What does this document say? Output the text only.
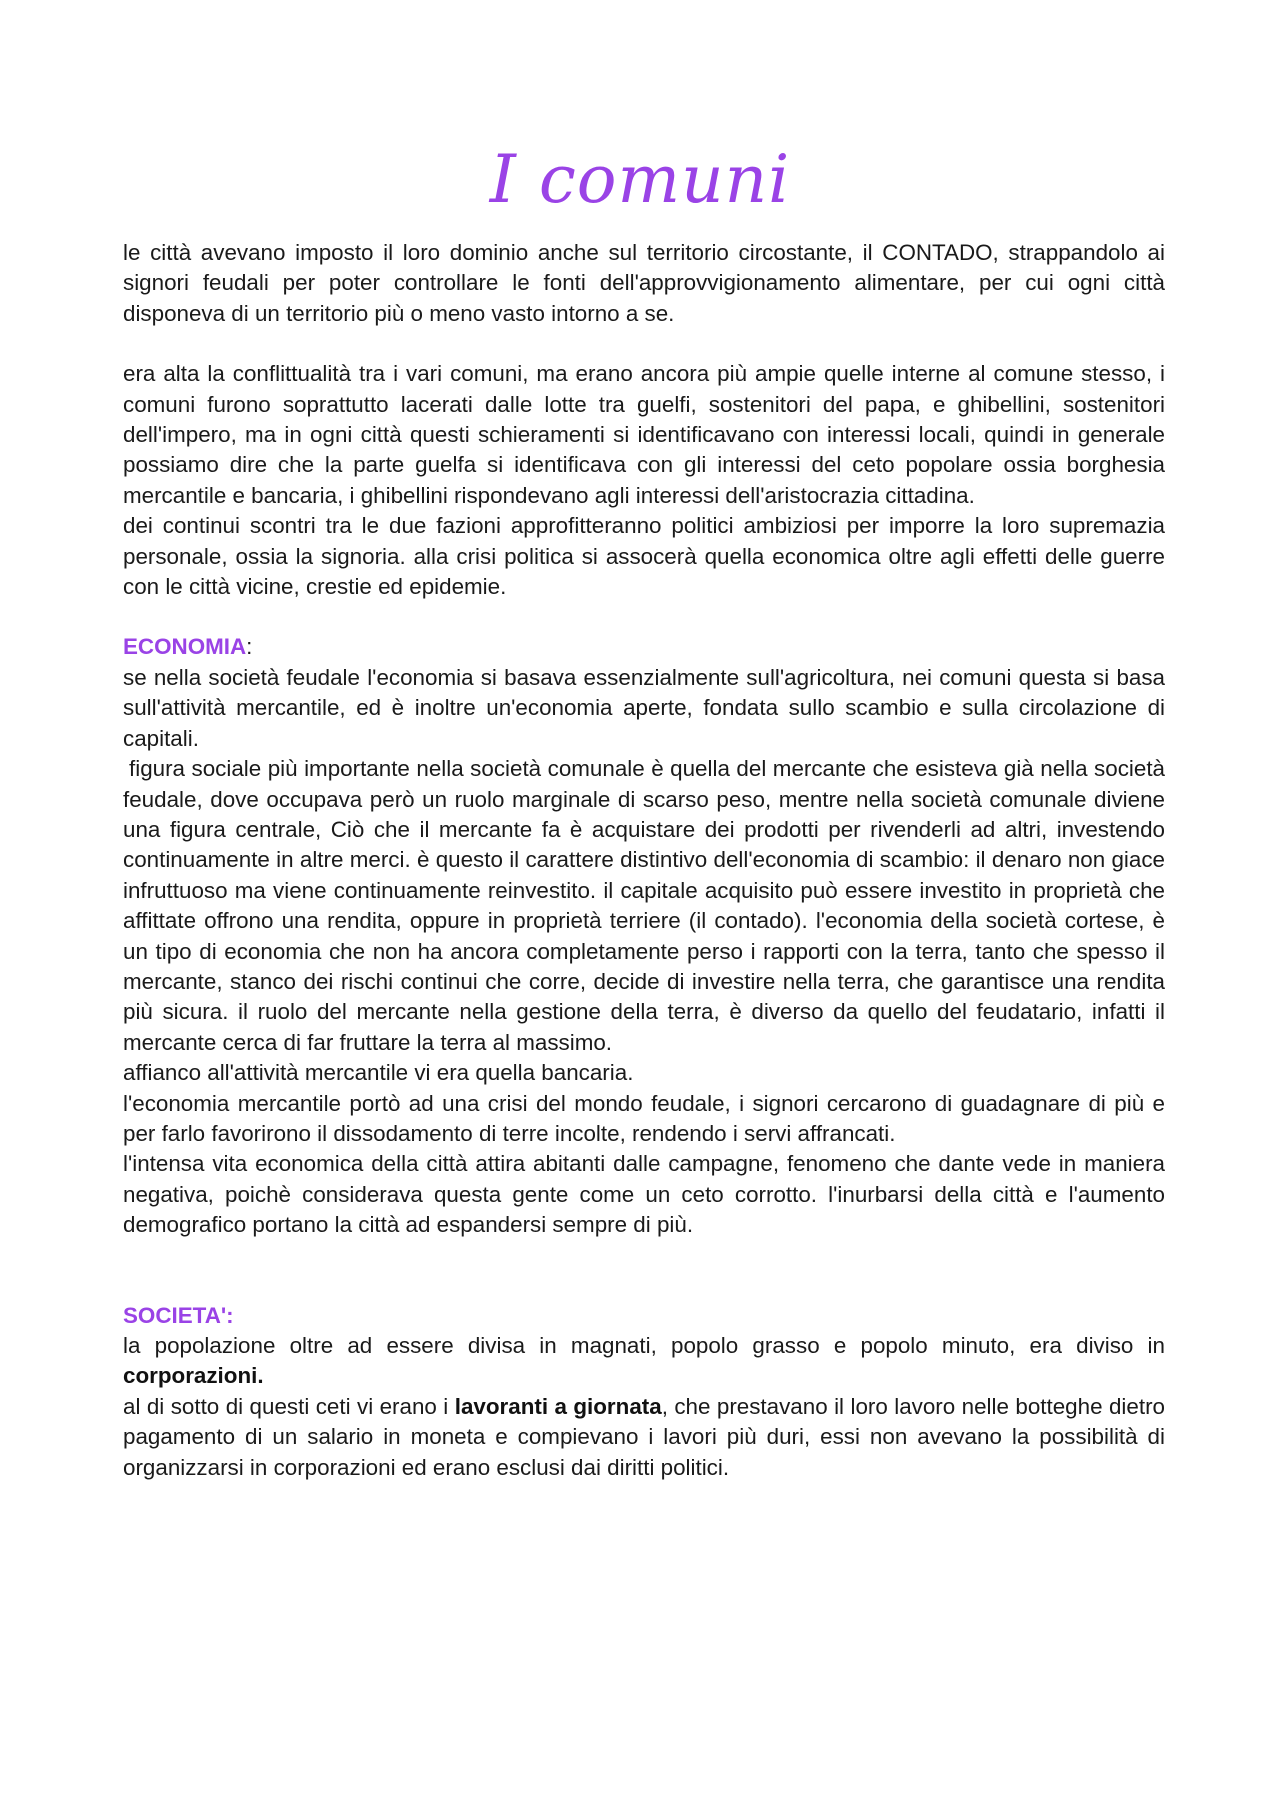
I comuni

le città avevano imposto il loro dominio anche sul territorio circostante, il CONTADO, strappandolo ai signori feudali per poter controllare le fonti dell'approvvigionamento alimentare, per cui ogni città disponeva di un territorio più o meno vasto intorno a se.

era alta la conflittualità tra i vari comuni, ma erano ancora più ampie quelle interne al comune stesso, i comuni furono soprattutto lacerati dalle lotte tra guelfi, sostenitori del papa, e ghibellini, sostenitori dell'impero, ma in ogni città questi schieramenti si identificavano con interessi locali, quindi in generale possiamo dire che la parte guelfa si identificava con gli interessi del ceto popolare ossia borghesia mercantile e bancaria, i ghibellini rispondevano agli interessi dell'aristocrazia cittadina.

dei continui scontri tra le due fazioni approfitteranno politici ambiziosi per imporre la loro supremazia personale, ossia la signoria. alla crisi politica si assocerà quella economica oltre agli effetti delle guerre con le città vicine, crestie ed epidemie.

ECONOMIA:

se nella società feudale l'economia si basava essenzialmente sull'agricoltura, nei comuni questa si basa sull'attività mercantile, ed è inoltre un'economia aperte, fondata sullo scambio e sulla circolazione di capitali.

figura sociale più importante nella società comunale è quella del mercante che esisteva già nella società feudale, dove occupava però un ruolo marginale di scarso peso, mentre nella società comunale diviene una figura centrale, Ciò che il mercante fa è acquistare dei prodotti per rivenderli ad altri, investendo continuamente in altre merci. è questo il carattere distintivo dell'economia di scambio: il denaro non giace infruttuoso ma viene continuamente reinvestito. il capitale acquisito può essere investito in proprietà che affittate offrono una rendita, oppure in proprietà terriere (il contado). l'economia della società cortese, è un tipo di economia che non ha ancora completamente perso i rapporti con la terra, tanto che spesso il mercante, stanco dei rischi continui che corre, decide di investire nella terra, che garantisce una rendita più sicura. il ruolo del mercante nella gestione della terra, è diverso da quello del feudatario, infatti il mercante cerca di far fruttare la terra al massimo.

affianco all'attività mercantile vi era quella bancaria.

l'economia mercantile portò ad una crisi del mondo feudale, i signori cercarono di guadagnare di più e per farlo favorirono il dissodamento di terre incolte, rendendo i servi affrancati.

l'intensa vita economica della città attira abitanti dalle campagne, fenomeno che dante vede in maniera negativa, poichè considerava questa gente come un ceto corrotto. l'inurbarsi della città e l'aumento demografico portano la città ad espandersi sempre di più.

SOCIETA':

la popolazione oltre ad essere divisa in magnati, popolo grasso e popolo minuto, era diviso in corporazioni.

al di sotto di questi ceti vi erano i lavoranti a giornata, che prestavano il loro lavoro nelle botteghe dietro pagamento di un salario in moneta e compievano i lavori più duri, essi non avevano la possibilità di organizzarsi in corporazioni ed erano esclusi dai diritti politici.
